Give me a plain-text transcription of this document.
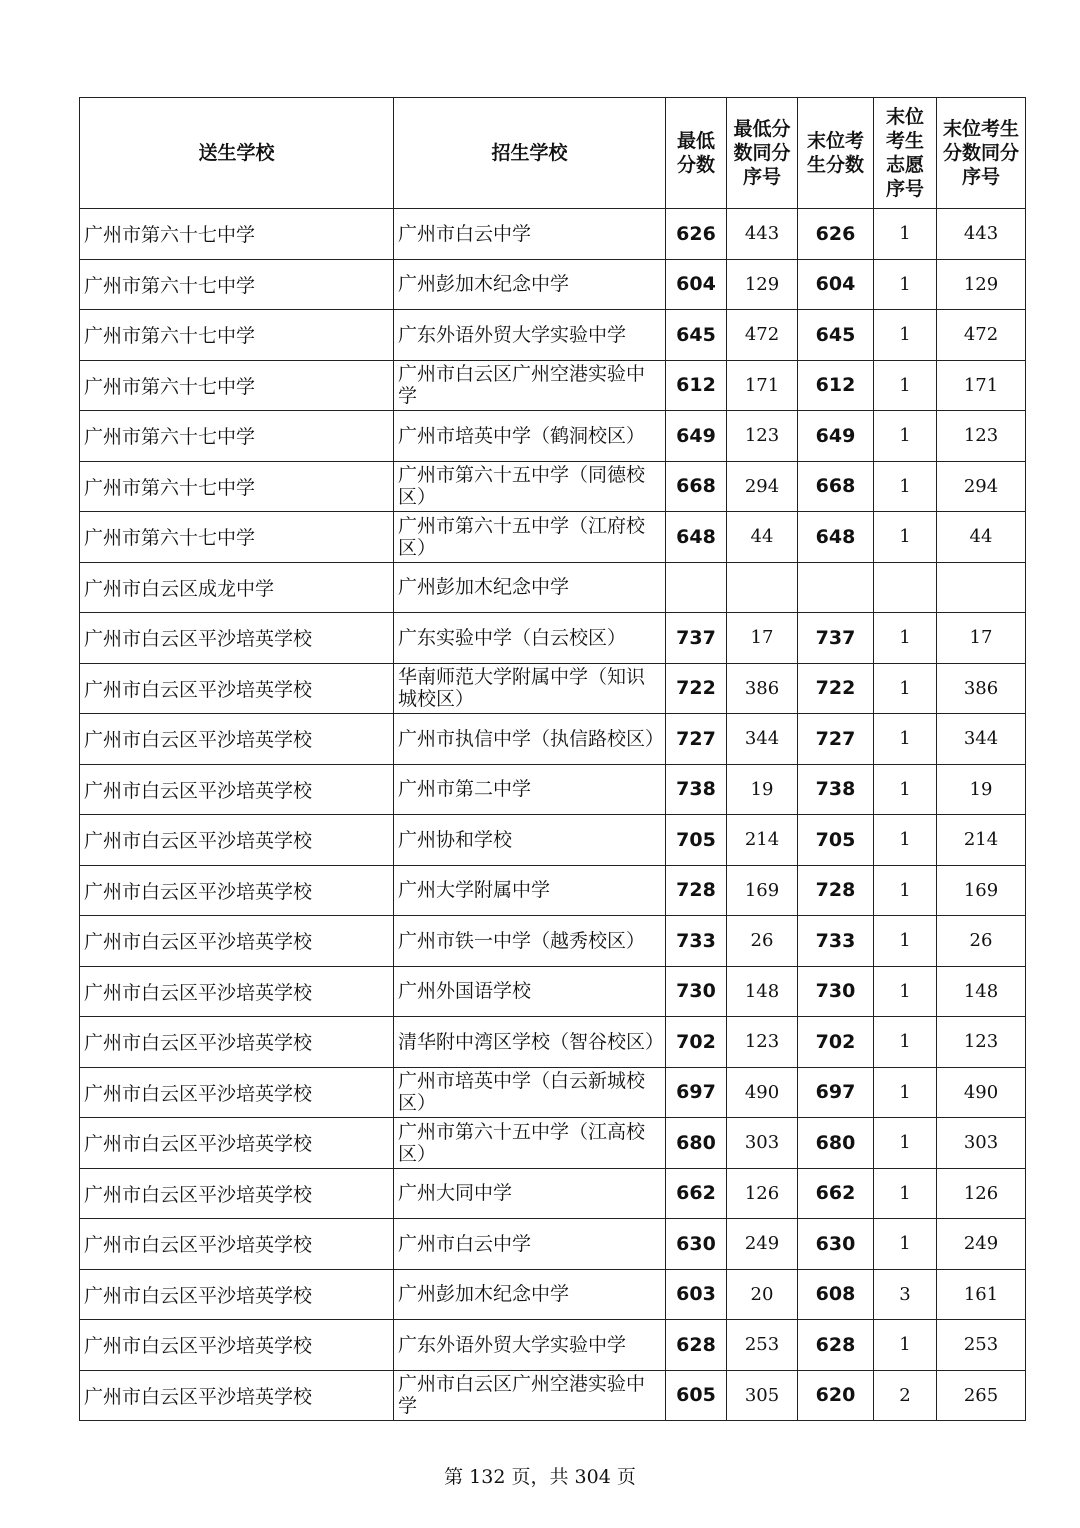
送生学校	招生学校	最低分数	最低分数同分序号	末位考生分数	末位考生志愿序号	末位考生分数同分序号
广州市第六十七中学	广州市白云中学	626	443	626	1	443
广州市第六十七中学	广州彭加木纪念中学	604	129	604	1	129
广州市第六十七中学	广东外语外贸大学实验中学	645	472	645	1	472
广州市第六十七中学	广州市白云区广州空港实验中学	612	171	612	1	171
广州市第六十七中学	广州市培英中学（鹤洞校区）	649	123	649	1	123
广州市第六十七中学	广州市第六十五中学（同德校区）	668	294	668	1	294
广州市第六十七中学	广州市第六十五中学（江府校区）	648	44	648	1	44
广州市白云区成龙中学	广州彭加木纪念中学					
广州市白云区平沙培英学校	广东实验中学（白云校区）	737	17	737	1	17
广州市白云区平沙培英学校	华南师范大学附属中学（知识城校区）	722	386	722	1	386
广州市白云区平沙培英学校	广州市执信中学（执信路校区）	727	344	727	1	344
广州市白云区平沙培英学校	广州市第二中学	738	19	738	1	19
广州市白云区平沙培英学校	广州协和学校	705	214	705	1	214
广州市白云区平沙培英学校	广州大学附属中学	728	169	728	1	169
广州市白云区平沙培英学校	广州市铁一中学（越秀校区）	733	26	733	1	26
广州市白云区平沙培英学校	广州外国语学校	730	148	730	1	148
广州市白云区平沙培英学校	清华附中湾区学校（智谷校区）	702	123	702	1	123
广州市白云区平沙培英学校	广州市培英中学（白云新城校区）	697	490	697	1	490
广州市白云区平沙培英学校	广州市第六十五中学（江高校区）	680	303	680	1	303
广州市白云区平沙培英学校	广州大同中学	662	126	662	1	126
广州市白云区平沙培英学校	广州市白云中学	630	249	630	1	249
广州市白云区平沙培英学校	广州彭加木纪念中学	603	20	608	3	161
广州市白云区平沙培英学校	广东外语外贸大学实验中学	628	253	628	1	253
广州市白云区平沙培英学校	广州市白云区广州空港实验中学	605	305	620	2	265
第 132 页，共 304 页
